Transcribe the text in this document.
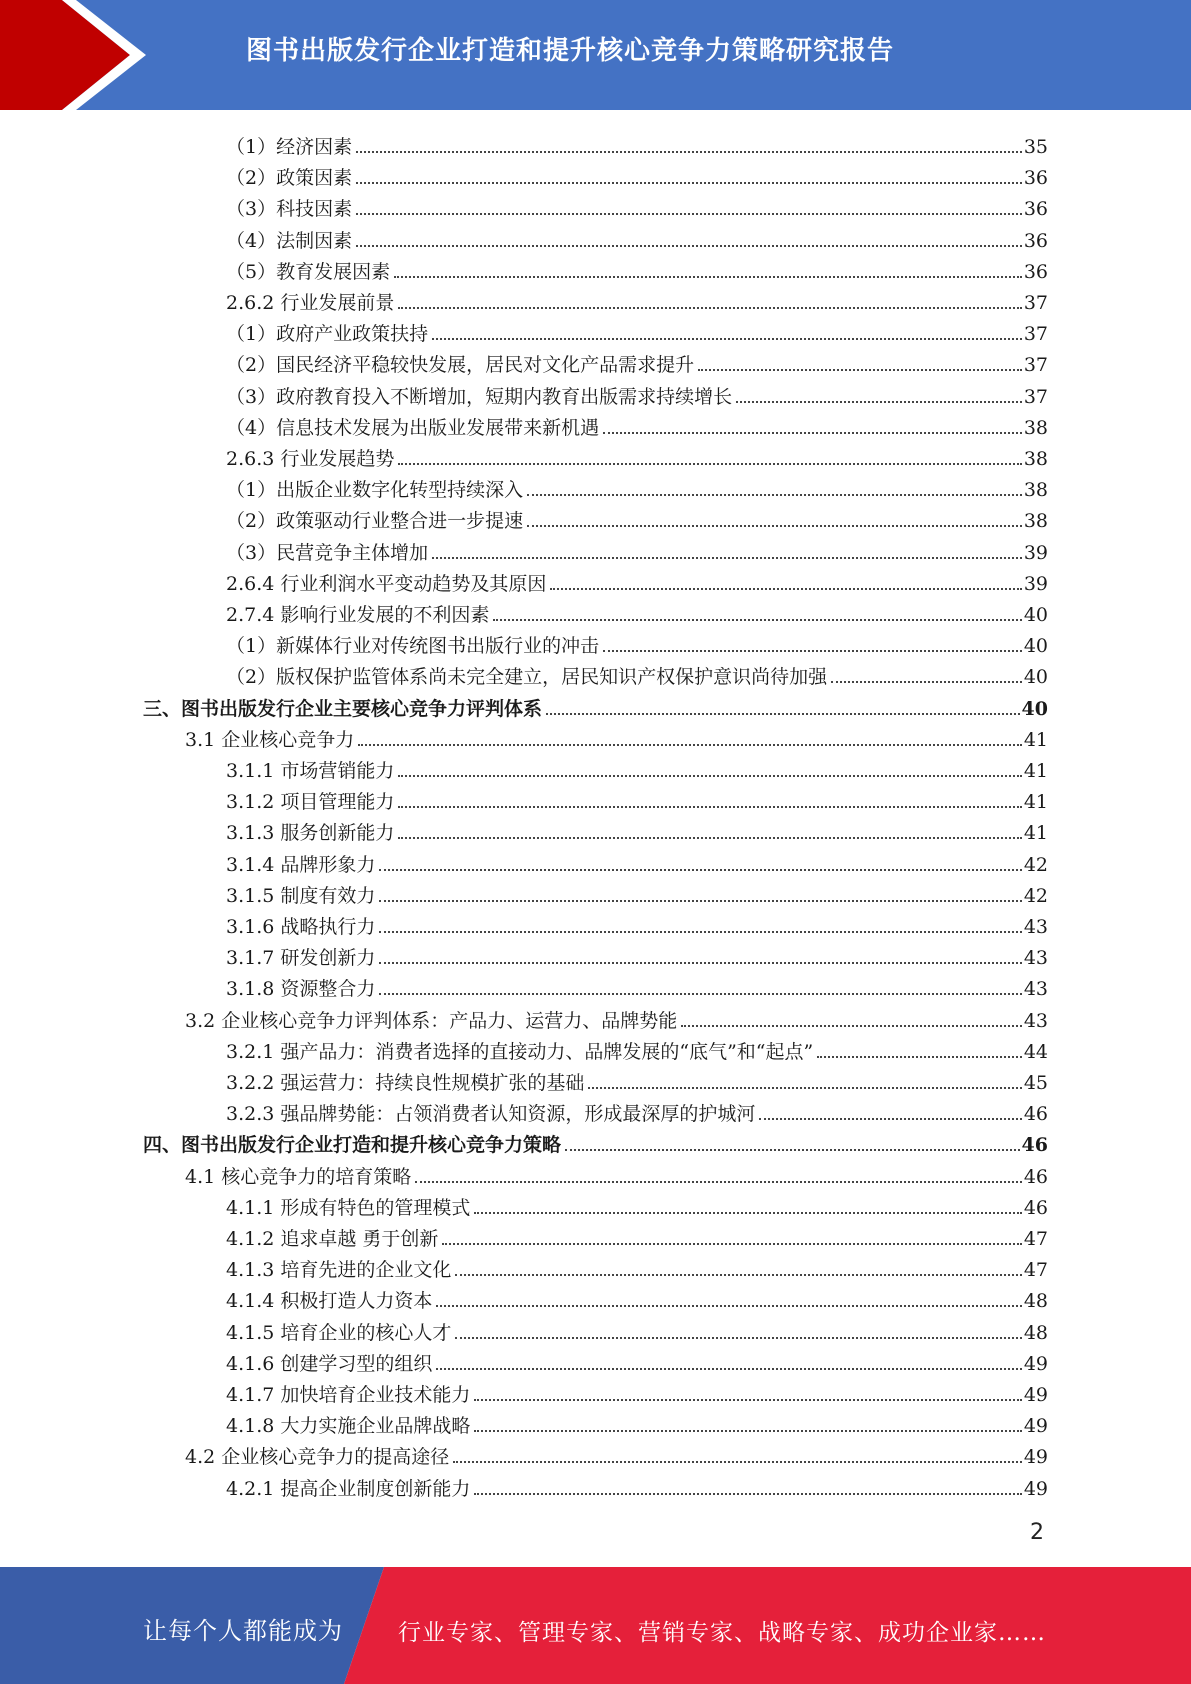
图书出版发行企业打造和提升核心竞争力策略研究报告
（1）经济因素	35
（2）政策因素	36
（3）科技因素	36
（4）法制因素	36
（5）教育发展因素	36
2.6.2 行业发展前景	37
（1）政府产业政策扶持	37
（2）国民经济平稳较快发展，居民对文化产品需求提升	37
（3）政府教育投入不断增加，短期内教育出版需求持续增长	37
（4）信息技术发展为出版业发展带来新机遇	38
2.6.3 行业发展趋势	38
（1）出版企业数字化转型持续深入	38
（2）政策驱动行业整合进一步提速	38
（3）民营竞争主体增加	39
2.6.4 行业利润水平变动趋势及其原因	39
2.7.4 影响行业发展的不利因素	40
（1）新媒体行业对传统图书出版行业的冲击	40
（2）版权保护监管体系尚未完全建立，居民知识产权保护意识尚待加强	40
三、图书出版发行企业主要核心竞争力评判体系	40
3.1 企业核心竞争力	41
3.1.1 市场营销能力	41
3.1.2 项目管理能力	41
3.1.3 服务创新能力	41
3.1.4 品牌形象力	42
3.1.5 制度有效力	42
3.1.6 战略执行力	43
3.1.7 研发创新力	43
3.1.8 资源整合力	43
3.2 企业核心竞争力评判体系：产品力、运营力、品牌势能	43
3.2.1 强产品力：消费者选择的直接动力、品牌发展的“底气”和“起点”	44
3.2.2 强运营力：持续良性规模扩张的基础	45
3.2.3 强品牌势能：占领消费者认知资源，形成最深厚的护城河	46
四、图书出版发行企业打造和提升核心竞争力策略	46
4.1 核心竞争力的培育策略	46
4.1.1 形成有特色的管理模式	46
4.1.2 追求卓越 勇于创新	47
4.1.3 培育先进的企业文化	47
4.1.4 积极打造人力资本	48
4.1.5 培育企业的核心人才	48
4.1.6 创建学习型的组织	49
4.1.7 加快培育企业技术能力	49
4.1.8 大力实施企业品牌战略	49
4.2 企业核心竞争力的提高途径	49
4.2.1 提高企业制度创新能力	49
2
让每个人都能成为 行业专家、管理专家、营销专家、战略专家、成功企业家……
